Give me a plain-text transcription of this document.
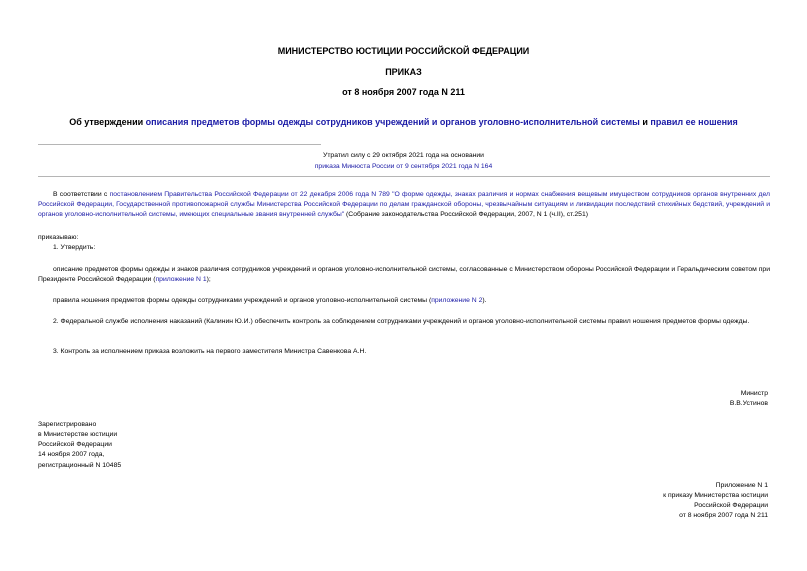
МИНИСТЕРСТВО ЮСТИЦИИ РОССИЙСКОЙ ФЕДЕРАЦИИ
ПРИКАЗ
от 8 ноября 2007 года N 211
Об утверждении описания предметов формы одежды сотрудников учреждений и органов уголовно-исполнительной системы и правил ее ношения
Утратил силу с 29 октября 2021 года на основании
приказа Минюста России от 9 сентября 2021 года N 164
В соответствии с постановлением Правительства Российской Федерации от 22 декабря 2006 года N 789 "О форме одежды, знаках различия и нормах снабжения вещевым имуществом сотрудников органов внутренних дел Российской Федерации, Государственной противопожарной службы Министерства Российской Федерации по делам гражданской обороны, чрезвычайным ситуациям и ликвидации последствий стихийных бедствий, учреждений и органов уголовно-исполнительной системы, имеющих специальные звания внутренней службы" (Собрание законодательства Российской Федерации, 2007, N 1 (ч.II), ст.251)
приказываю:
1. Утвердить:
описание предметов формы одежды и знаков различия сотрудников учреждений и органов уголовно-исполнительной системы, согласованные с Министерством обороны Российской Федерации и Геральдическим советом при Президенте Российской Федерации (приложение N 1);
правила ношения предметов формы одежды сотрудниками учреждений и органов уголовно-исполнительной системы (приложение N 2).
2. Федеральной службе исполнения наказаний (Калинин Ю.И.) обеспечить контроль за соблюдением сотрудниками учреждений и органов уголовно-исполнительной системы правил ношения предметов формы одежды.
3. Контроль за исполнением приказа возложить на первого заместителя Министра Савенкова А.Н.
Министр
В.В.Устинов
Зарегистрировано
в Министерстве юстиции
Российской Федерации
14 ноября 2007 года,
регистрационный N 10485
Приложение N 1
к приказу Министерства юстиции
Российской Федерации
от 8 ноября 2007 года N 211
